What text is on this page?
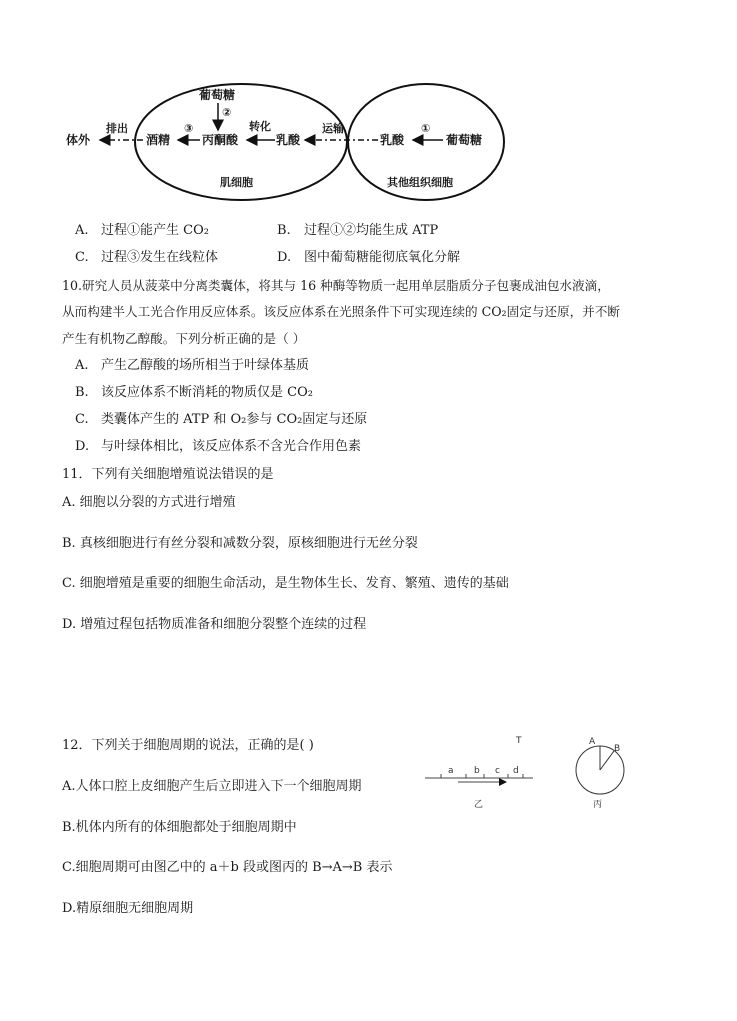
葡萄糖
②
体外
排出
酒精
③
丙酮酸
转化
乳酸
运输
乳酸
①
葡萄糖
肌细胞	其他组织细胞
A. 过程①能产生 CO₂	B. 过程①②均能生成 ATP
C. 过程③发生在线粒体	D. 图中葡萄糖能彻底氧化分解
10.研究人员从菠菜中分离类囊体，将其与 16 种酶等物质一起用单层脂质分子包裹成油包水液滴，
从而构建半人工光合作用反应体系。该反应体系在光照条件下可实现连续的 CO₂固定与还原，并不断
产生有机物乙醇酸。下列分析正确的是（ ）
A. 产生乙醇酸的场所相当于叶绿体基质
B. 该反应体系不断消耗的物质仅是 CO₂
C. 类囊体产生的 ATP 和 O₂参与 CO₂固定与还原
D. 与叶绿体相比，该反应体系不含光合作用色素
11．下列有关细胞增殖说法错误的是
A. 细胞以分裂的方式进行增殖
B. 真核细胞进行有丝分裂和减数分裂，原核细胞进行无丝分裂
C. 细胞增殖是重要的细胞生命活动，是生物体生长、发育、繁殖、遗传的基础
D. 增殖过程包括物质准备和细胞分裂整个连续的过程
12．下列关于细胞周期的说法，正确的是( )
A.人体口腔上皮细胞产生后立即进入下一个细胞周期
B.机体内所有的体细胞都处于细胞周期中
C.细胞周期可由图乙中的 a＋b 段或图丙的 B→A→B 表示
D.精原细胞无细胞周期
T
a b c d
乙
A
B
丙
